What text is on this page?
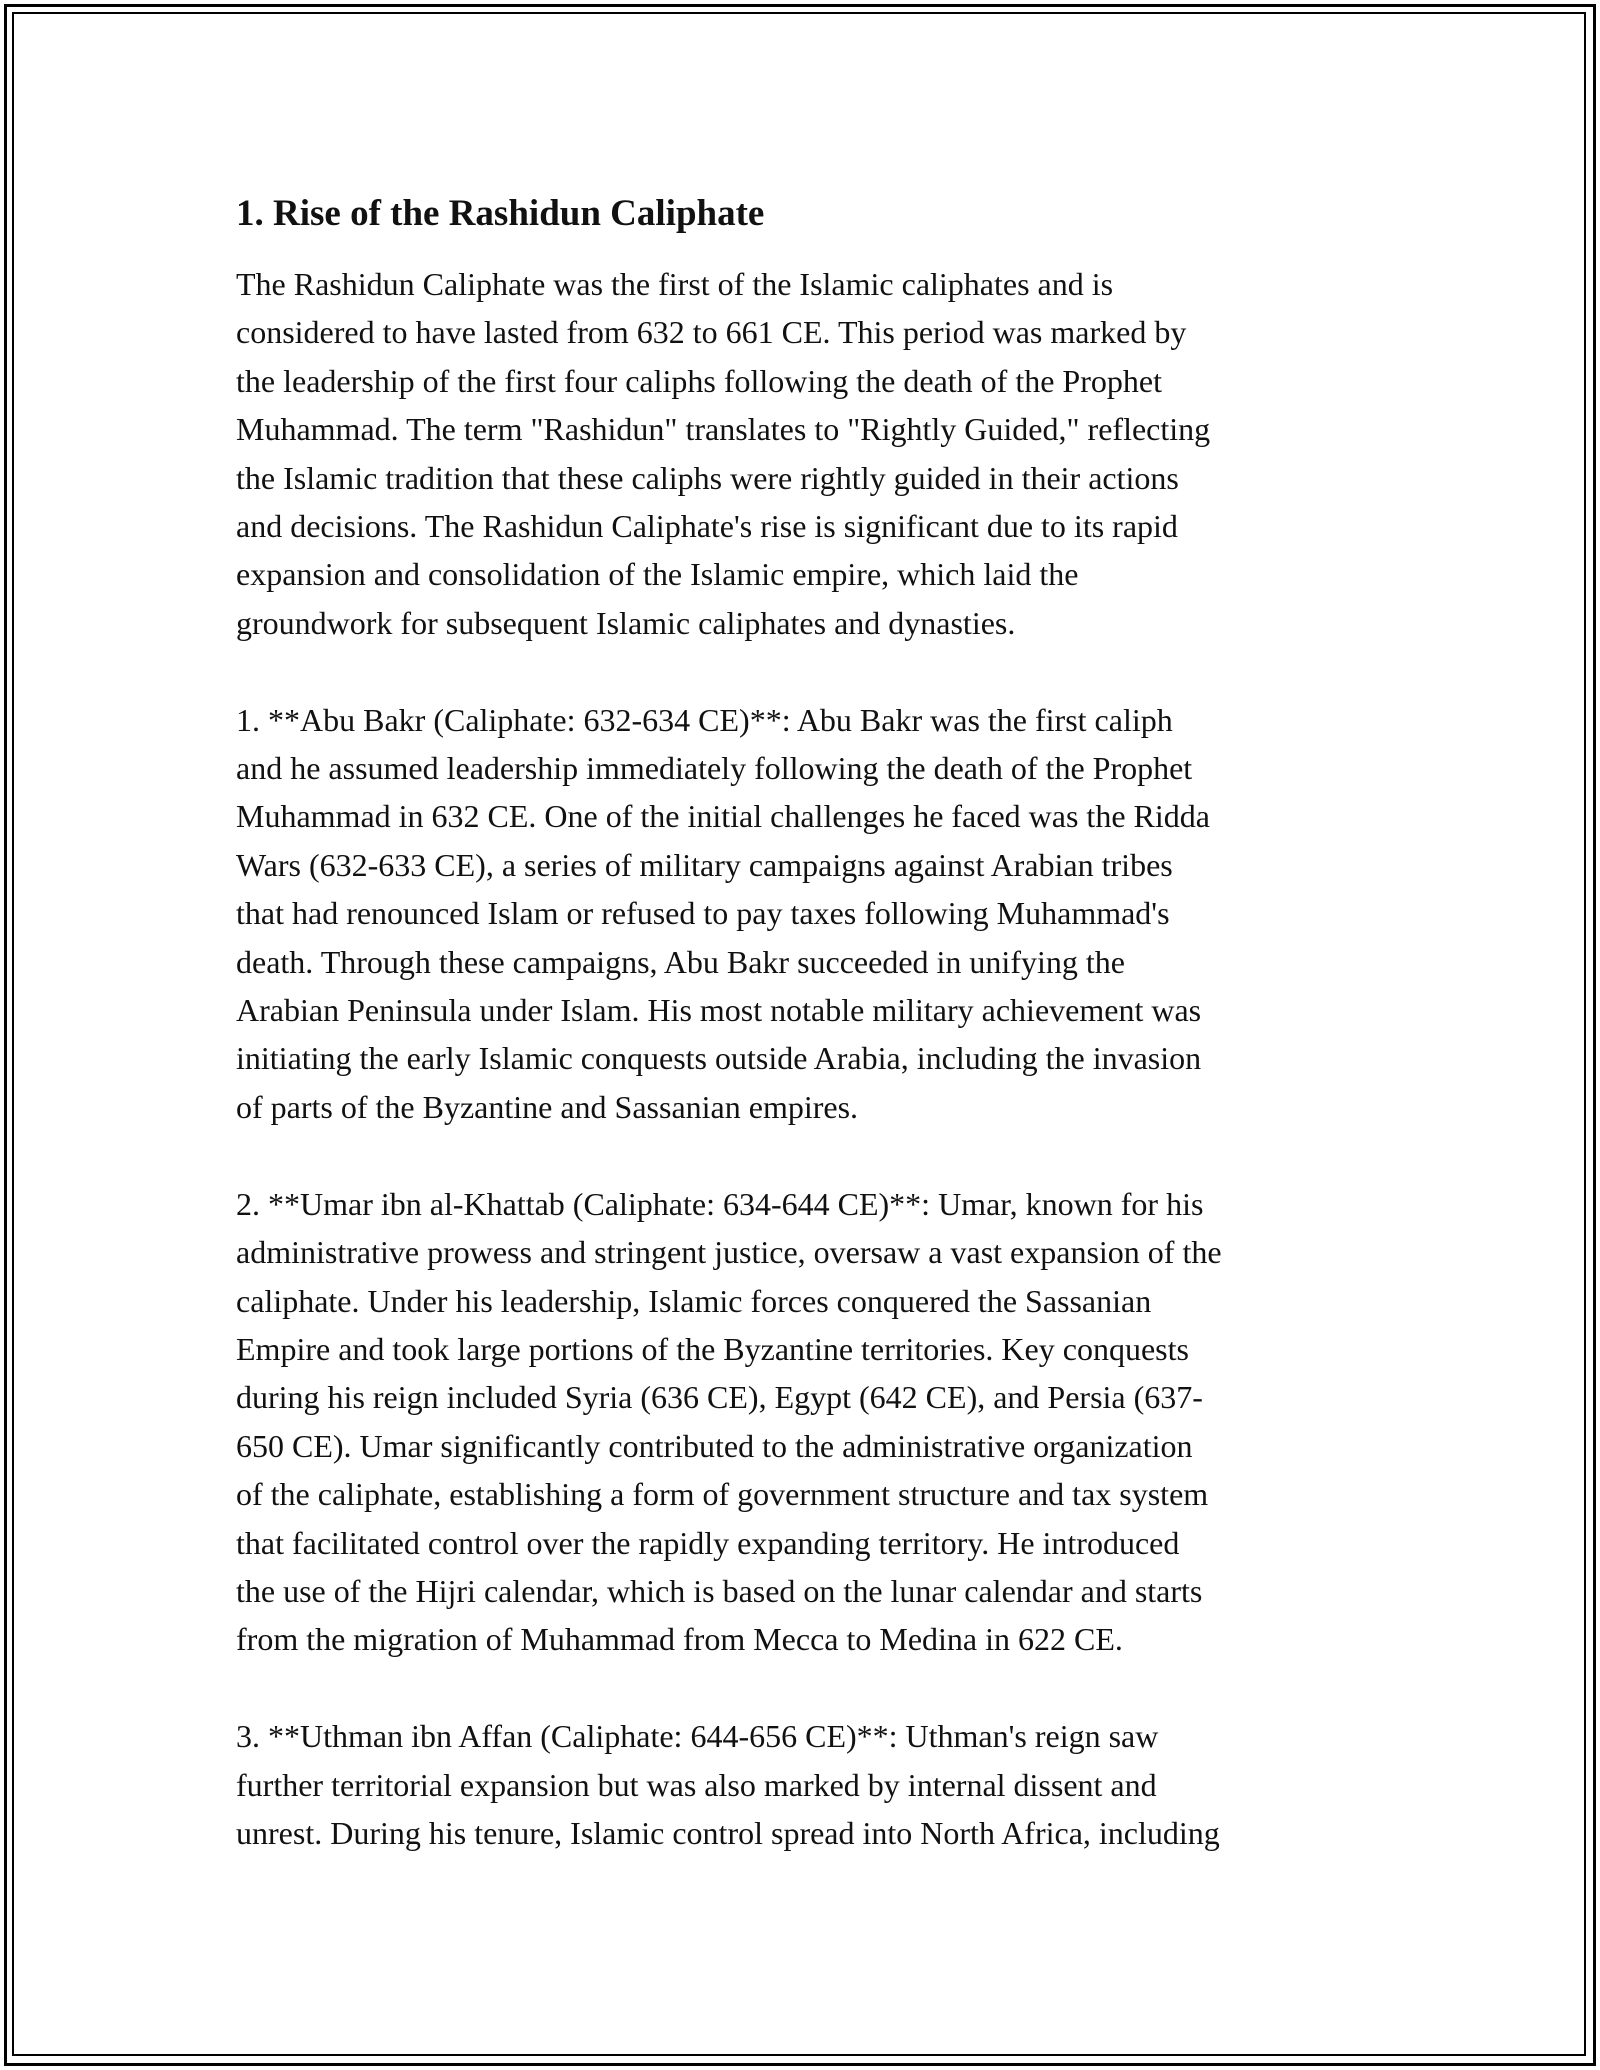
1. Rise of the Rashidun Caliphate

The Rashidun Caliphate was the first of the Islamic caliphates and is
considered to have lasted from 632 to 661 CE. This period was marked by
the leadership of the first four caliphs following the death of the Prophet
Muhammad. The term "Rashidun" translates to "Rightly Guided," reflecting
the Islamic tradition that these caliphs were rightly guided in their actions
and decisions. The Rashidun Caliphate's rise is significant due to its rapid
expansion and consolidation of the Islamic empire, which laid the
groundwork for subsequent Islamic caliphates and dynasties.

1. **Abu Bakr (Caliphate: 632-634 CE)**: Abu Bakr was the first caliph
and he assumed leadership immediately following the death of the Prophet
Muhammad in 632 CE. One of the initial challenges he faced was the Ridda
Wars (632-633 CE), a series of military campaigns against Arabian tribes
that had renounced Islam or refused to pay taxes following Muhammad's
death. Through these campaigns, Abu Bakr succeeded in unifying the
Arabian Peninsula under Islam. His most notable military achievement was
initiating the early Islamic conquests outside Arabia, including the invasion
of parts of the Byzantine and Sassanian empires.

2. **Umar ibn al-Khattab (Caliphate: 634-644 CE)**: Umar, known for his
administrative prowess and stringent justice, oversaw a vast expansion of the
caliphate. Under his leadership, Islamic forces conquered the Sassanian
Empire and took large portions of the Byzantine territories. Key conquests
during his reign included Syria (636 CE), Egypt (642 CE), and Persia (637-
650 CE). Umar significantly contributed to the administrative organization
of the caliphate, establishing a form of government structure and tax system
that facilitated control over the rapidly expanding territory. He introduced
the use of the Hijri calendar, which is based on the lunar calendar and starts
from the migration of Muhammad from Mecca to Medina in 622 CE.

3. **Uthman ibn Affan (Caliphate: 644-656 CE)**: Uthman's reign saw
further territorial expansion but was also marked by internal dissent and
unrest. During his tenure, Islamic control spread into North Africa, including
